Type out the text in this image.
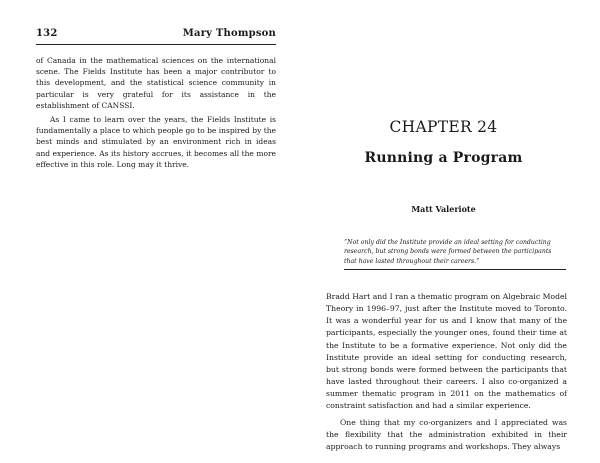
132	Mary Thompson

of Canada in the mathematical sciences on the international scene. The Fields Institute has been a major contributor to this development, and the statistical science community in particular is very grateful for its assistance in the establishment of CANSSI.

As I came to learn over the years, the Fields Institute is fundamentally a place to which people go to be inspired by the best minds and stimulated by an environment rich in ideas and experience. As its history accrues, it becomes all the more effective in this role. Long may it thrive.

CHAPTER 24
Running a Program
Matt Valeriote

“Not only did the Institute provide an ideal setting for conducting research, but strong bonds were formed between the participants that have lasted throughout their careers.”

Bradd Hart and I ran a thematic program on Algebraic Model Theory in 1996–97, just after the Institute moved to Toronto. It was a wonderful year for us and I know that many of the participants, especially the younger ones, found their time at the Institute to be a formative experience. Not only did the Institute provide an ideal setting for conducting research, but strong bonds were formed between the participants that have lasted throughout their careers. I also co-organized a summer thematic program in 2011 on the mathematics of constraint satisfaction and had a similar experience.

One thing that my co-organizers and I appreciated was the flexibility that the administration exhibited in their approach to running programs and workshops. They always
